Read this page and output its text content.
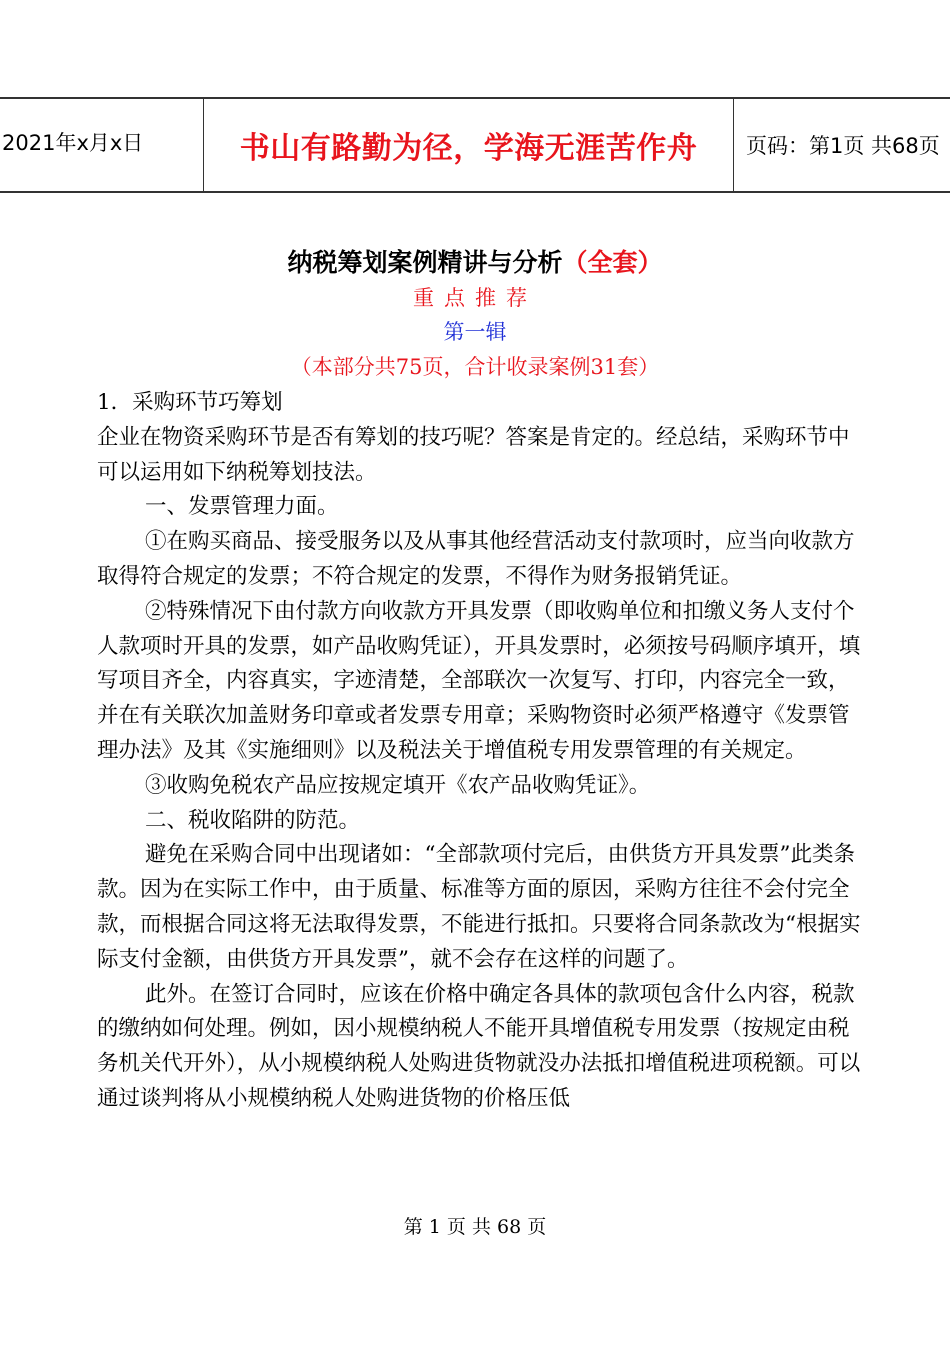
2021年x月x日	书山有路勤为径，学海无涯苦作舟	页码：第1页 共68页
纳税筹划案例精讲与分析（全套）
重点推荐
第一辑
（本部分共75页，合计收录案例31套）

1．采购环节巧筹划

企业在物资采购环节是否有筹划的技巧呢？答案是肯定的。经总结，采购环节中可以运用如下纳税筹划技法。

一、发票管理力面。

①在购买商品、接受服务以及从事其他经营活动支付款项时，应当向收款方取得符合规定的发票；不符合规定的发票，不得作为财务报销凭证。

②特殊情况下由付款方向收款方开具发票（即收购单位和扣缴义务人支付个人款项时开具的发票，如产品收购凭证），开具发票时，必须按号码顺序填开，填写项目齐全，内容真实，字迹清楚，全部联次一次复写、打印，内容完全一致，并在有关联次加盖财务印章或者发票专用章；采购物资时必须严格遵守《发票管理办法》及其《实施细则》以及税法关于增值税专用发票管理的有关规定。

③收购免税农产品应按规定填开《农产品收购凭证》。

二、税收陷阱的防范。

避免在采购合同中出现诸如：“全部款项付完后，由供货方开具发票”此类条款。因为在实际工作中，由于质量、标准等方面的原因，采购方往往不会付完全款，而根据合同这将无法取得发票，不能进行抵扣。只要将合同条款改为“根据实际支付金额，由供货方开具发票”，就不会存在这样的问题了。

此外。在签订合同时，应该在价格中确定各具体的款项包含什么内容，税款的缴纳如何处理。例如，因小规模纳税人不能开具增值税专用发票（按规定由税务机关代开外），从小规模纳税人处购进货物就没办法抵扣增值税进项税额。可以通过谈判将从小规模纳税人处购进货物的价格压低

第 1 页 共 68 页
